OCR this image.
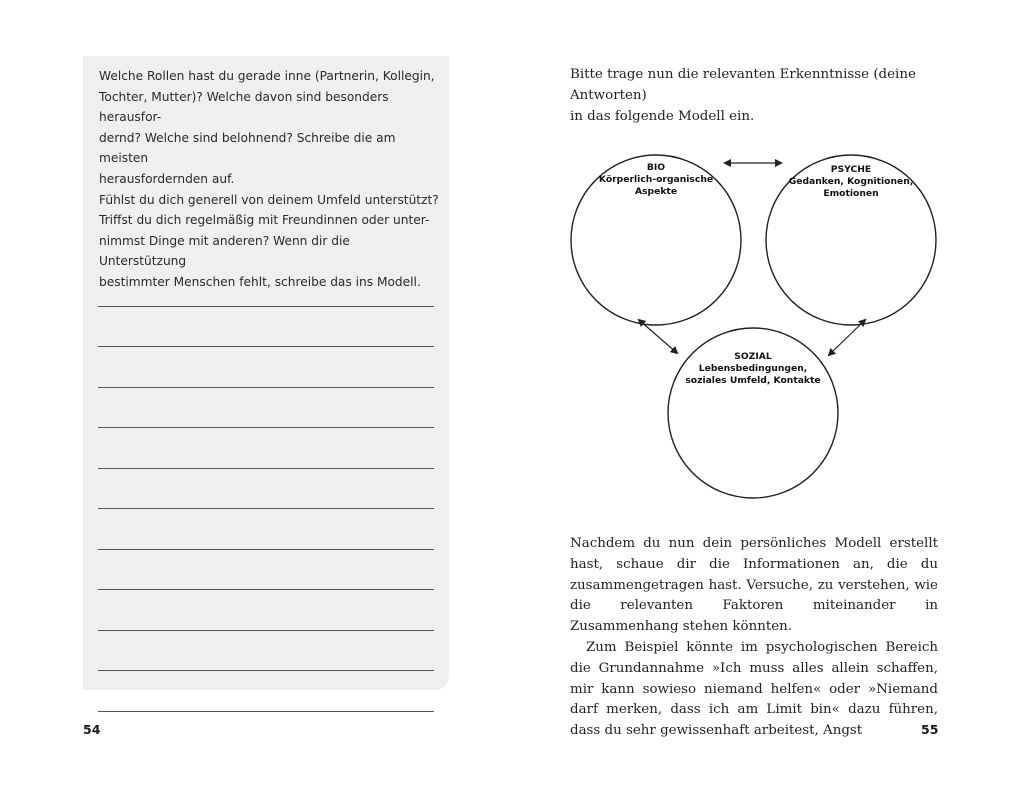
Welche Rollen hast du gerade inne (Partnerin, Kollegin,

Tochter, Mutter)? Welche davon sind besonders herausfor-

dernd? Welche sind belohnend? Schreibe die am meisten

herausfordernden auf.

Fühlst du dich generell von deinem Umfeld unterstützt?

Triffst du dich regelmäßig mit Freundinnen oder unter-

nimmst Dinge mit anderen? Wenn dir die Unterstützung

bestimmter Menschen fehlt, schreibe das ins Modell.

54
Bitte trage nun die relevanten Erkenntnisse (deine Antworten)
in das folgende Modell ein.
BIO
Körperlich-organische
Aspekte
PSYCHE
Gedanken, Kognitionen,
Emotionen
SOZIAL
Lebensbedingungen,
soziales Umfeld, Kontakte

Nachdem du nun dein persönliches Modell erstellt hast, schaue dir die Informationen an, die du zusammengetragen hast. Versuche, zu verstehen, wie die relevanten Faktoren miteinander in Zusammenhang stehen könnten.

Zum Beispiel könnte im psychologischen Bereich die Grundannahme »Ich muss alles allein schaffen, mir kann sowieso niemand helfen« oder »Niemand darf merken, dass ich am Limit bin« dazu führen, dass du sehr gewissenhaft arbeitest, Angst	55
